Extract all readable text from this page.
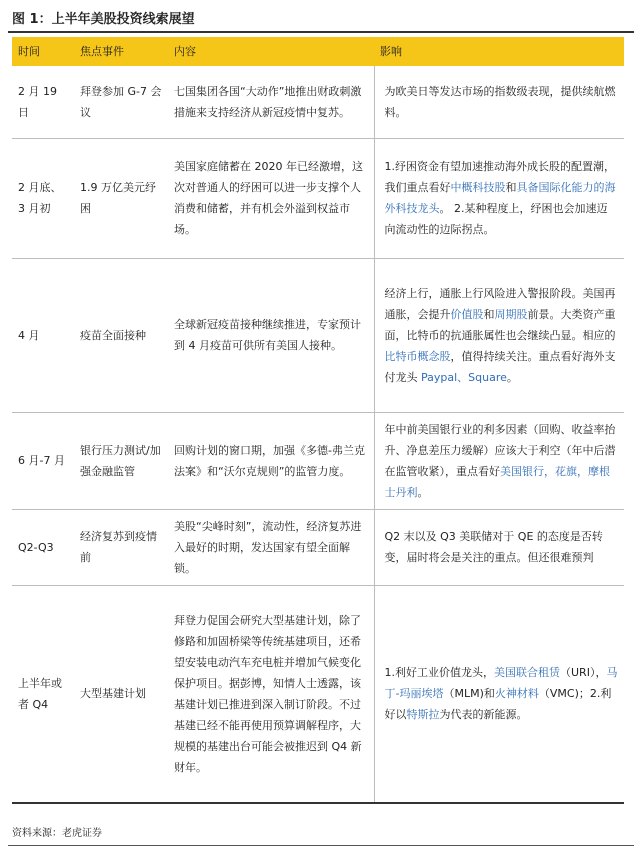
图 1：上半年美股投资线索展望
时间	焦点事件	内容	影响
2 月 19 日	拜登参加 G-7 会议	七国集团各国“大动作”地推出财政刺激措施来支持经济从新冠疫情中复苏。	为欧美日等发达市场的指数级表现，提供续航燃料。
2 月底、3 月初	1.9 万亿美元纾困	美国家庭储蓄在 2020 年已经激增，这次对普通人的纾困可以进一步支撑个人消费和储蓄，并有机会外溢到权益市场。	1.纾困资金有望加速推动海外成长股的配置潮，我们重点看好中概科技股和具备国际化能力的海外科技龙头。 2.某种程度上，纾困也会加速迈向流动性的边际拐点。
4 月	疫苗全面接种	全球新冠疫苗接种继续推进，专家预计到 4 月疫苗可供所有美国人接种。	经济上行，通胀上行风险进入警报阶段。美国再通胀，会提升价值股和周期股前景。大类资产重面，比特币的抗通胀属性也会继续凸显。相应的比特币概念股，值得持续关注。重点看好海外支付龙头 Paypal、Square。
6 月-7 月	银行压力测试/加强金融监管	回购计划的窗口期，加强《多德-弗兰克法案》和“沃尔克规则”的监管力度。	年中前美国银行业的利多因素（回购、收益率抬升、净息差压力缓解）应该大于利空（年中后潜在监管收紧），重点看好美国银行，花旗，摩根士丹利。
Q2-Q3	经济复苏到疫情前	美股“尖峰时刻”，流动性，经济复苏进入最好的时期，发达国家有望全面解锁。	Q2 末以及 Q3 美联储对于 QE 的态度是否转变，届时将会是关注的重点。但还很难预判
上半年或者 Q4	大型基建计划	拜登力促国会研究大型基建计划，除了修路和加固桥梁等传统基建项目，还希望安装电动汽车充电桩并增加气候变化保护项目。据彭博，知情人士透露，该基建计划已推进到深入制订阶段。不过基建已经不能再使用预算调解程序，大规模的基建出台可能会被推迟到 Q4 新财年。	1.利好工业价值龙头，美国联合租赁（URI），马丁-玛丽埃塔（MLM)和火神材料（VMC)；2.利好以特斯拉为代表的新能源。
资料来源：老虎证券
